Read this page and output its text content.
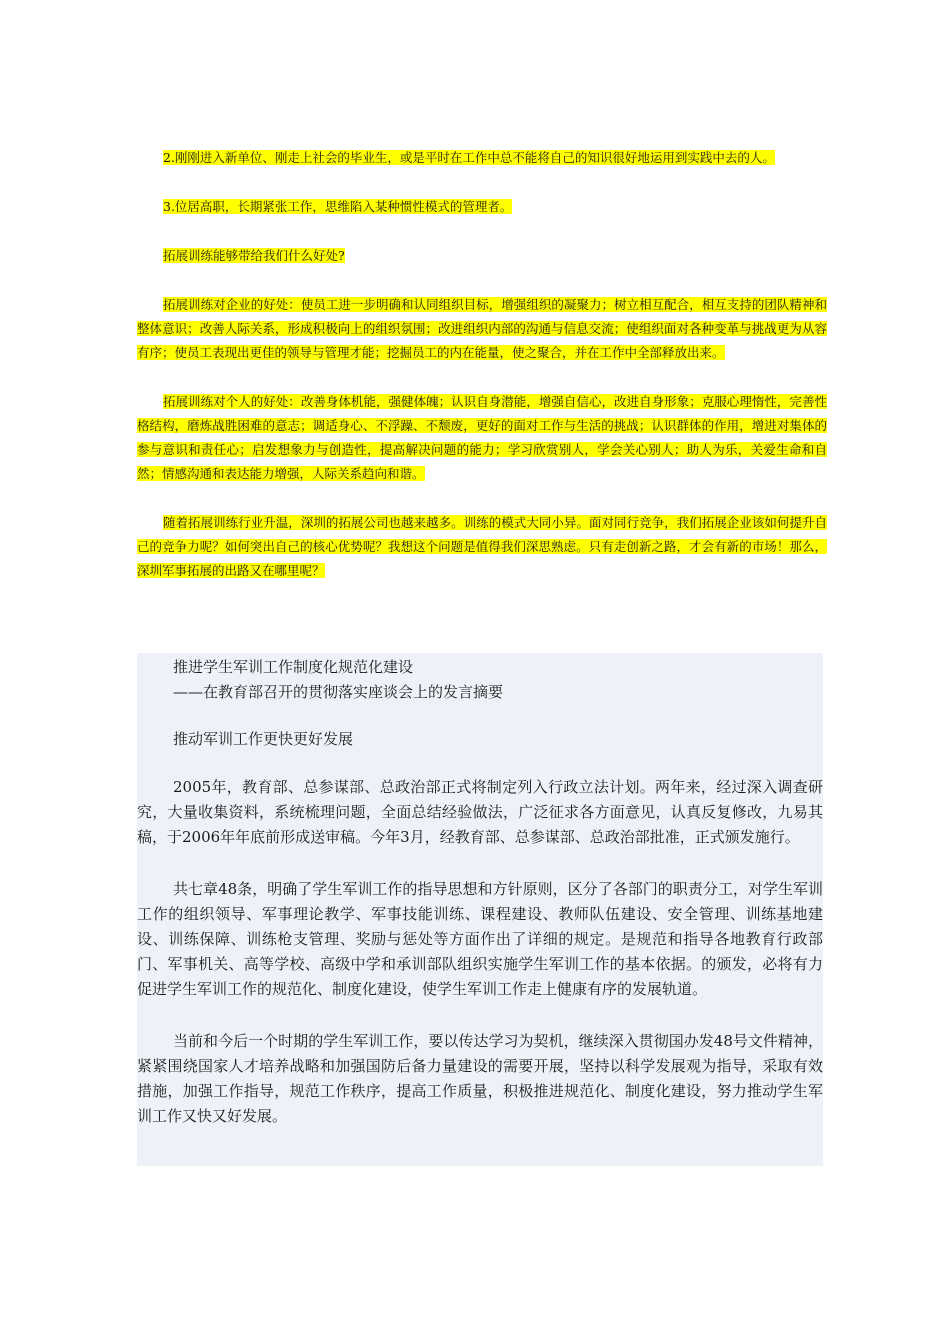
2.刚刚进入新单位、刚走上社会的毕业生，或是平时在工作中总不能将自己的知识很好地运用到实践中去的人。

3.位居高职，长期紧张工作，思维陷入某种惯性模式的管理者。

拓展训练能够带给我们什么好处?

拓展训练对企业的好处：使员工进一步明确和认同组织目标，增强组织的凝聚力；树立相互配合，相互支持的团队精神和整体意识；改善人际关系，形成积极向上的组织氛围；改进组织内部的沟通与信息交流；使组织面对各种变革与挑战更为从容有序；使员工表现出更佳的领导与管理才能；挖掘员工的内在能量，使之聚合，并在工作中全部释放出来。

拓展训练对个人的好处：改善身体机能，强健体魄；认识自身潜能，增强自信心，改进自身形象；克服心理惰性，完善性格结构，磨炼战胜困难的意志；调适身心、不浮躁、不颓废，更好的面对工作与生活的挑战；认识群体的作用，增进对集体的参与意识和责任心；启发想象力与创造性，提高解决问题的能力；学习欣赏别人，学会关心别人；助人为乐，关爱生命和自然；情感沟通和表达能力增强，人际关系趋向和谐。

随着拓展训练行业升温，深圳的拓展公司也越来越多。训练的模式大同小异。面对同行竞争，我们拓展企业该如何提升自己的竞争力呢？如何突出自己的核心优势呢？我想这个问题是值得我们深思熟虑。只有走创新之路，才会有新的市场！那么，深圳军事拓展的出路又在哪里呢？

推进学生军训工作制度化规范化建设

——在教育部召开的贯彻落实座谈会上的发言摘要

推动军训工作更快更好发展

2005年，教育部、总参谋部、总政治部正式将制定列入行政立法计划。两年来，经过深入调查研究，大量收集资料，系统梳理问题，全面总结经验做法，广泛征求各方面意见，认真反复修改，九易其稿，于2006年年底前形成送审稿。今年3月，经教育部、总参谋部、总政治部批准，正式颁发施行。

共七章48条，明确了学生军训工作的指导思想和方针原则，区分了各部门的职责分工，对学生军训工作的组织领导、军事理论教学、军事技能训练、课程建设、教师队伍建设、安全管理、训练基地建设、训练保障、训练枪支管理、奖励与惩处等方面作出了详细的规定。是规范和指导各地教育行政部门、军事机关、高等学校、高级中学和承训部队组织实施学生军训工作的基本依据。的颁发，必将有力促进学生军训工作的规范化、制度化建设，使学生军训工作走上健康有序的发展轨道。

当前和今后一个时期的学生军训工作，要以传达学习为契机，继续深入贯彻国办发48号文件精神，紧紧围绕国家人才培养战略和加强国防后备力量建设的需要开展，坚持以科学发展观为指导，采取有效措施，加强工作指导，规范工作秩序，提高工作质量，积极推进规范化、制度化建设，努力推动学生军训工作又快又好发展。
